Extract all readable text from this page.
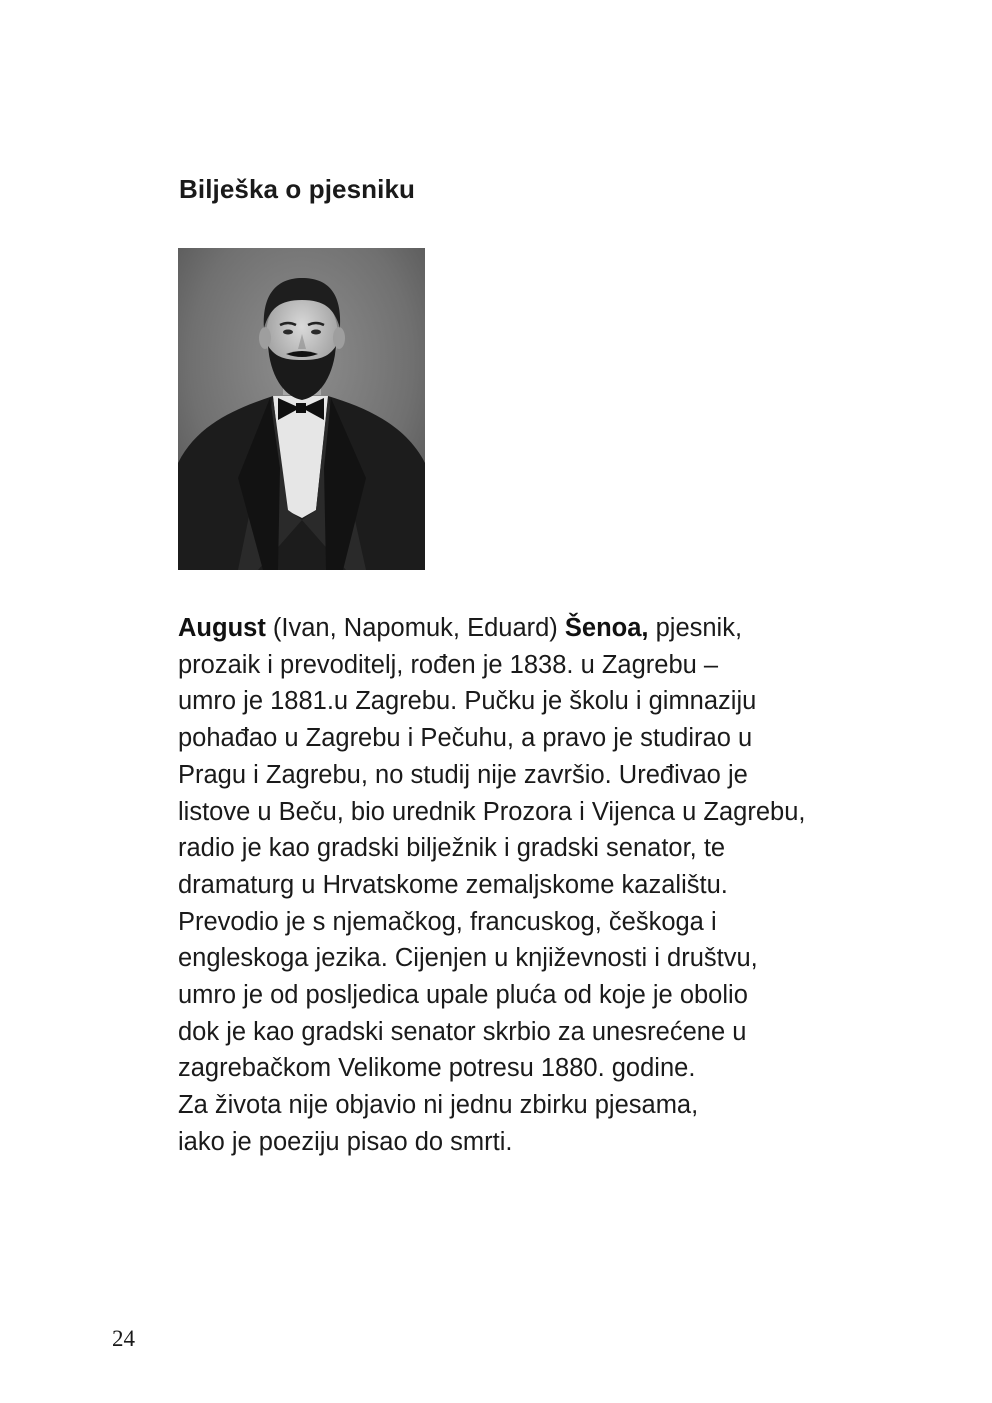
Bilješka o pjesniku
August (Ivan, Napomuk, Eduard) Šenoa, pjesnik,
prozaik i prevoditelj, rođen je 1838. u Zagrebu –
umro je 1881.u Zagrebu. Pučku je školu i gimnaziju
pohađao u Zagrebu i Pečuhu, a pravo je studirao u
Pragu i Zagrebu, no studij nije završio. Uređivao je
listove u Beču, bio urednik Prozora i Vijenca u Zagrebu,
radio je kao gradski bilježnik i gradski senator, te
dramaturg u Hrvatskome zemaljskome kazalištu.
Prevodio je s njemačkog, francuskog, češkoga i
engleskoga jezika. Cijenjen u književnosti i društvu,
umro je od posljedica upale pluća od koje je obolio
dok je kao gradski senator skrbio za unesrećene u
zagrebačkom Velikome potresu 1880. godine.
Za života nije objavio ni jednu zbirku pjesama,
iako je poeziju pisao do smrti.
24
